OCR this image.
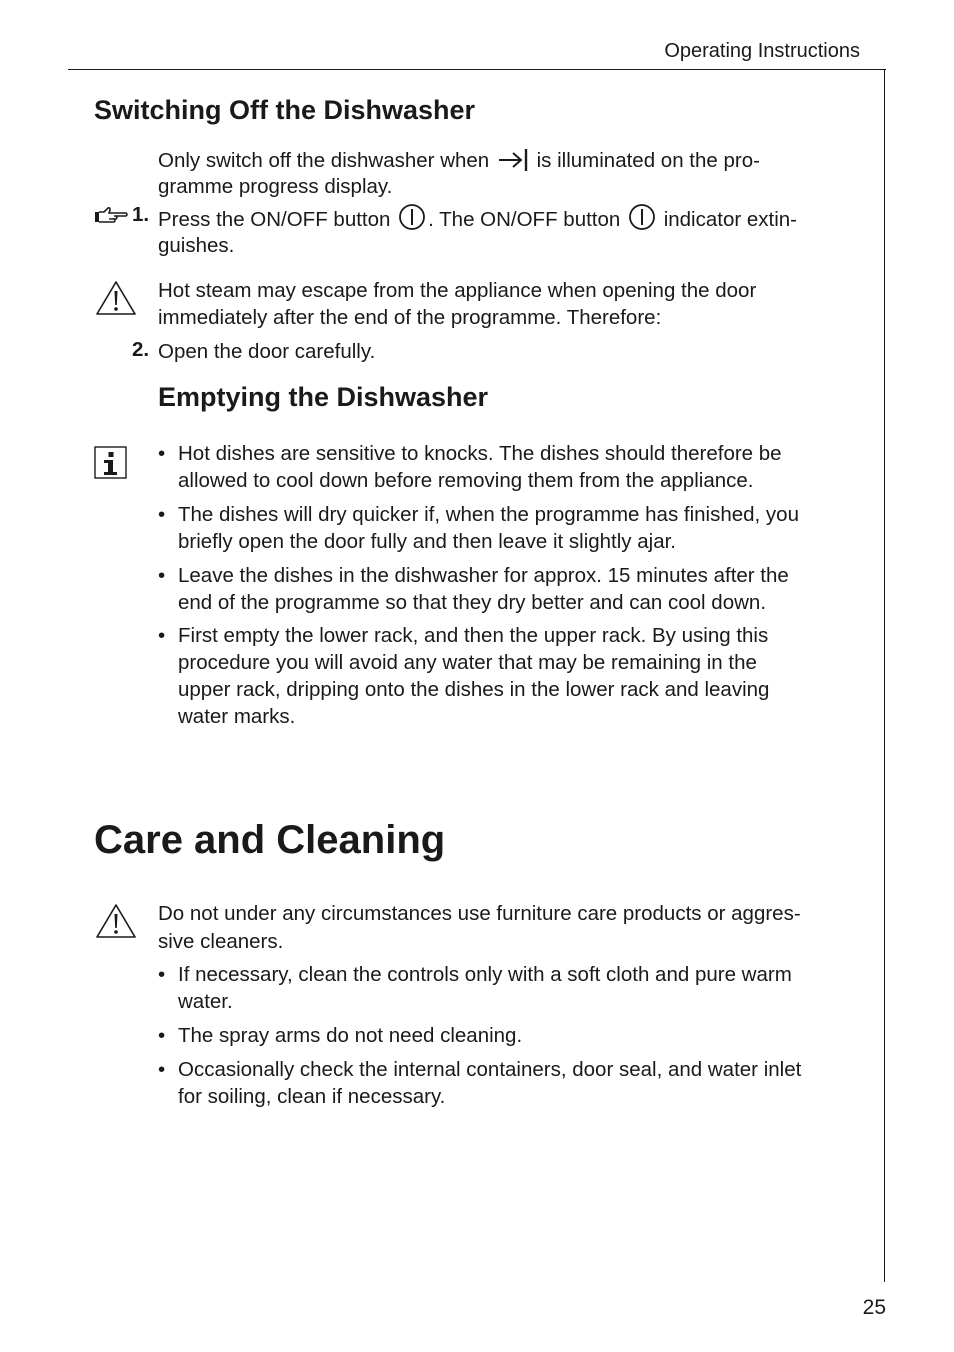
Operating Instructions
Switching Off the Dishwasher
Only switch off the dishwasher when is illuminated on the pro-
gramme progress display.
1. Press the ON/OFF button . The ON/OFF button indicator extin-
guishes.
Hot steam may escape from the appliance when opening the door
immediately after the end of the programme. Therefore:
2. Open the door carefully.
Emptying the Dishwasher
• Hot dishes are sensitive to knocks. The dishes should therefore be
allowed to cool down before removing them from the appliance.
• The dishes will dry quicker if, when the programme has finished, you
briefly open the door fully and then leave it slightly ajar.
• Leave the dishes in the dishwasher for approx. 15 minutes after the
end of the programme so that they dry better and can cool down.
• First empty the lower rack, and then the upper rack. By using this
procedure you will avoid any water that may be remaining in the
upper rack, dripping onto the dishes in the lower rack and leaving
water marks.
Care and Cleaning
Do not under any circumstances use furniture care products or aggres-
sive cleaners.
• If necessary, clean the controls only with a soft cloth and pure warm
water.
• The spray arms do not need cleaning.
• Occasionally check the internal containers, door seal, and water inlet
for soiling, clean if necessary.
25
